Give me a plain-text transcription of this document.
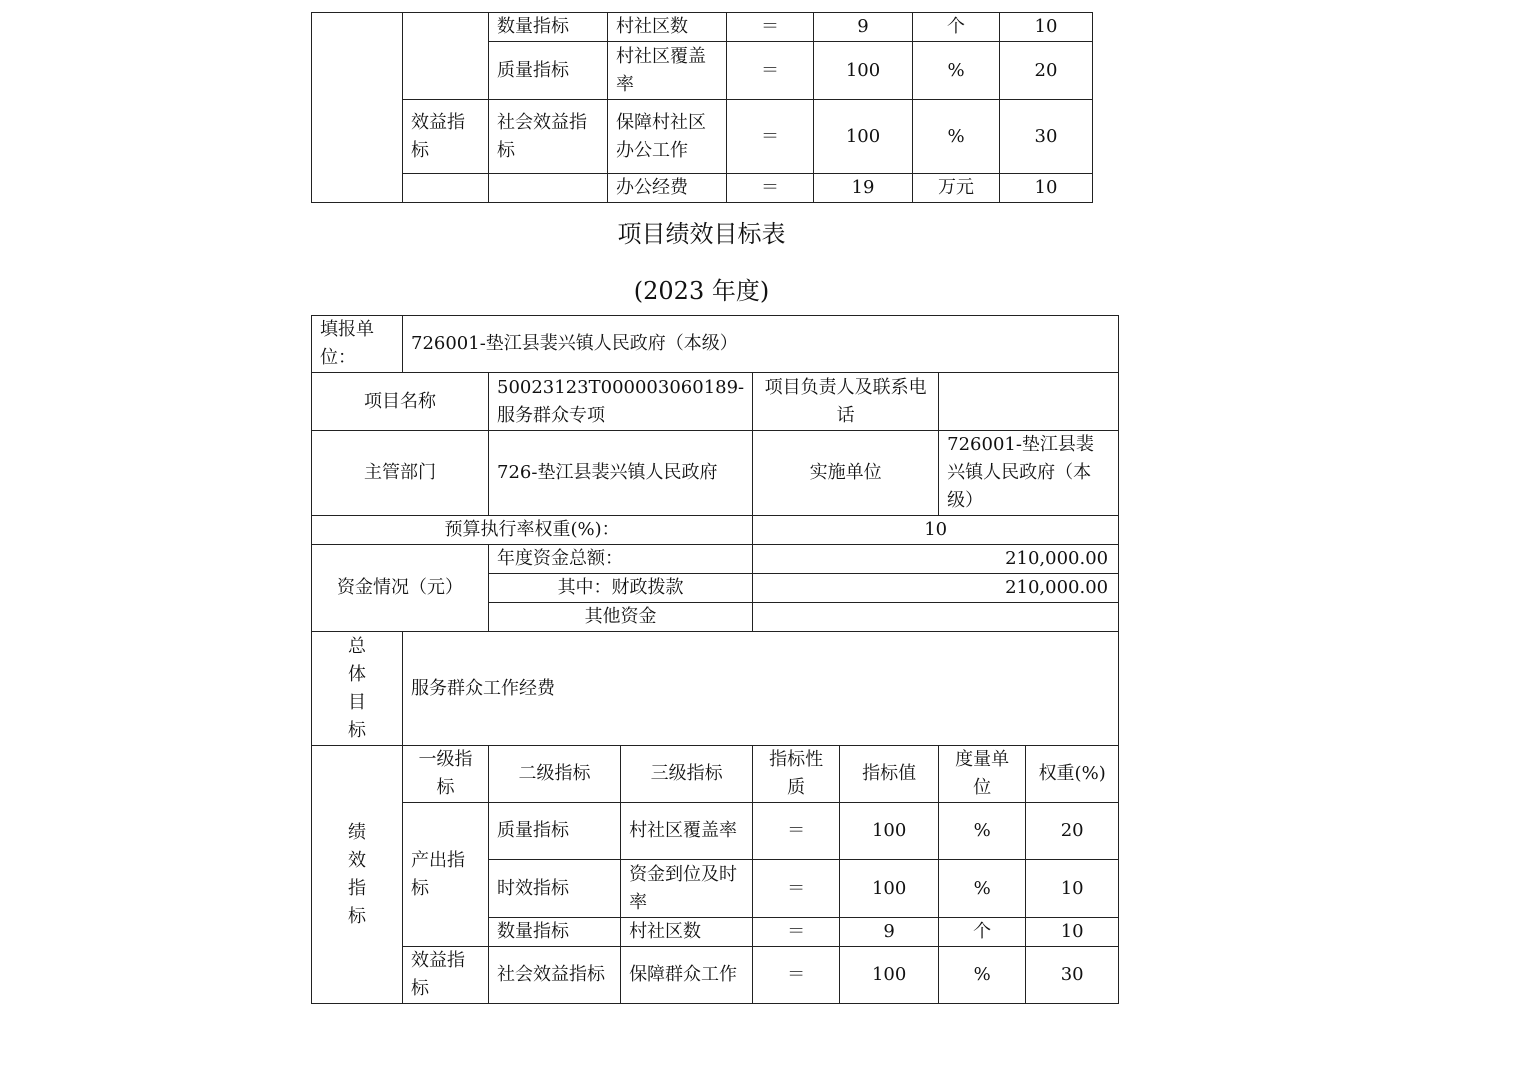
		数量指标	村社区数	＝	9	个	10
		质量指标	村社区覆盖率	＝	100	%	20
	效益指标	社会效益指标	保障村社区办公工作	＝	100	%	30
			办公经费	＝	19	万元	10
项目绩效目标表
(2023 年度)
填报单位：	726001-垫江县裴兴镇人民政府（本级）						
项目名称		50023123T000003060189-服务群众专项		项目负责人及联系电话			
主管部门		726-垫江县裴兴镇人民政府		实施单位		726001-垫江县裴兴镇人民政府（本级）	
预算执行率权重(%)：				10			
资金情况（元）		年度资金总额：		210,000.00			
		其中：财政拨款		210,000.00			
		其他资金					
总体目标	服务群众工作经费						
绩效指标	一级指标	二级指标	三级指标	指标性质	指标值	度量单位	权重(%)
	产出指标	质量指标	村社区覆盖率	＝	100	%	20
		时效指标	资金到位及时率	＝	100	%	10
		数量指标	村社区数	＝	9	个	10
	效益指标	社会效益指标	保障群众工作	＝	100	%	30
